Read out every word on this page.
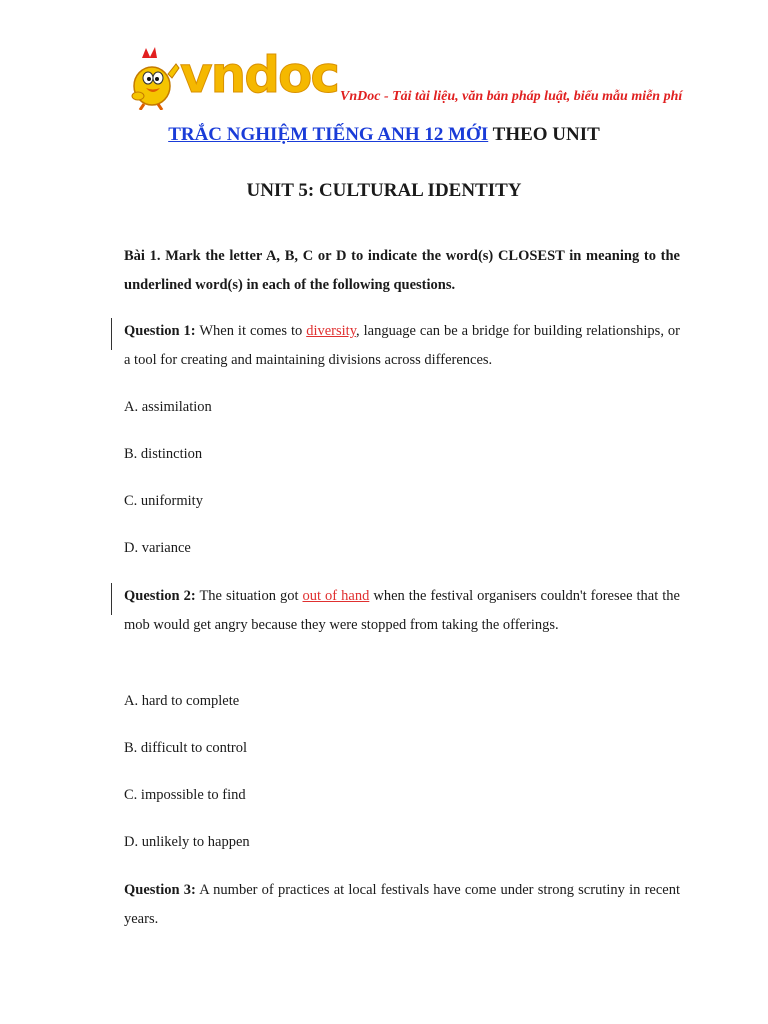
vndoc VnDoc - Tải tài liệu, văn bản pháp luật, biểu mẫu miễn phí
TRẮC NGHIỆM TIẾNG ANH 12 MỚI THEO UNIT
UNIT 5: CULTURAL IDENTITY
Bài 1. Mark the letter A, B, C or D to indicate the word(s) CLOSEST in meaning to the underlined word(s) in each of the following questions.
Question 1: When it comes to diversity, language can be a bridge for building relationships, or a tool for creating and maintaining divisions across differences.
A. assimilation
B. distinction
C. uniformity
D. variance
Question 2: The situation got out of hand when the festival organisers couldn't foresee that the mob would get angry because they were stopped from taking the offerings.
A. hard to complete
B. difficult to control
C. impossible to find
D. unlikely to happen
Question 3: A number of practices at local festivals have come under strong scrutiny in recent years.
